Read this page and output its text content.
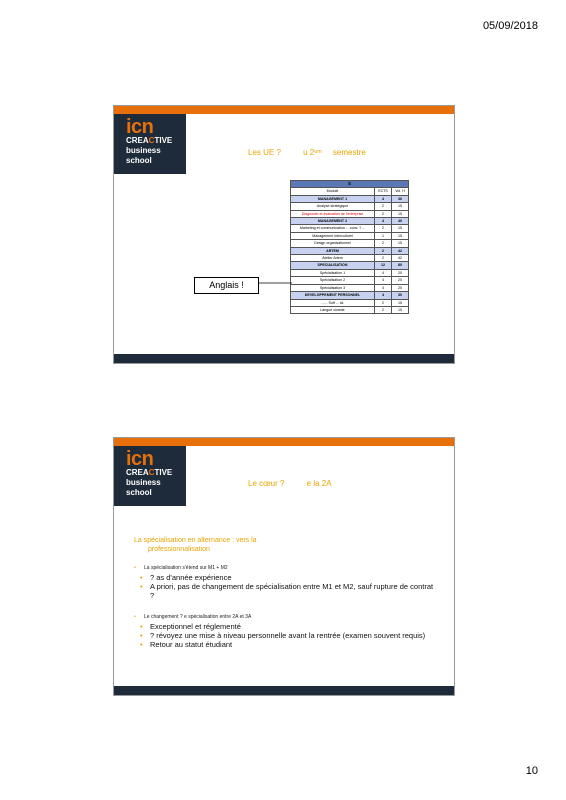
05/09/2018
icn
CREACTIVE
business
school
Les UE ?          u 2ᵉᵐ     semestre
S		
Module	ECTS	Vol. H
MANAGEMENT 1	4	36
Analyse stratégique	2	15
Diagnostic et évaluation de l'entreprise	2	15
MANAGEMENT 2	4	40
Marketing et communication ... conv. ? ...	2	15
Management interculturel	1	15
Design organisationnel	2	15
ARTEM	2	42
Atelier Artem	2	42
SPECIALISATION	12	80
Spécialisation 1	4	20
Spécialisation 2	4	20
Spécialisation 3	4	20
DEVELOPPEMENT PERSONNEL	4	30
...... Soft ... sk	2	15
Langue vivante	2	15
Anglais !
icn
CREACTIVE
business
school
Le cœur ?          e la 2A
La spécialisation en alternance : vers la
professionnalisation
• La spécialisation s'étend sur M1 + M2
• ? as d'année expérience
• A priori, pas de changement de spécialisation entre M1 et M2, sauf rupture de contrat ?
• Le changement ? e spécialisation entre 2A et 3A
• Exceptionnel et réglementé
• ? révoyez une mise à niveau personnelle avant la rentrée (examen souvent requis)
• Retour au statut étudiant
10
